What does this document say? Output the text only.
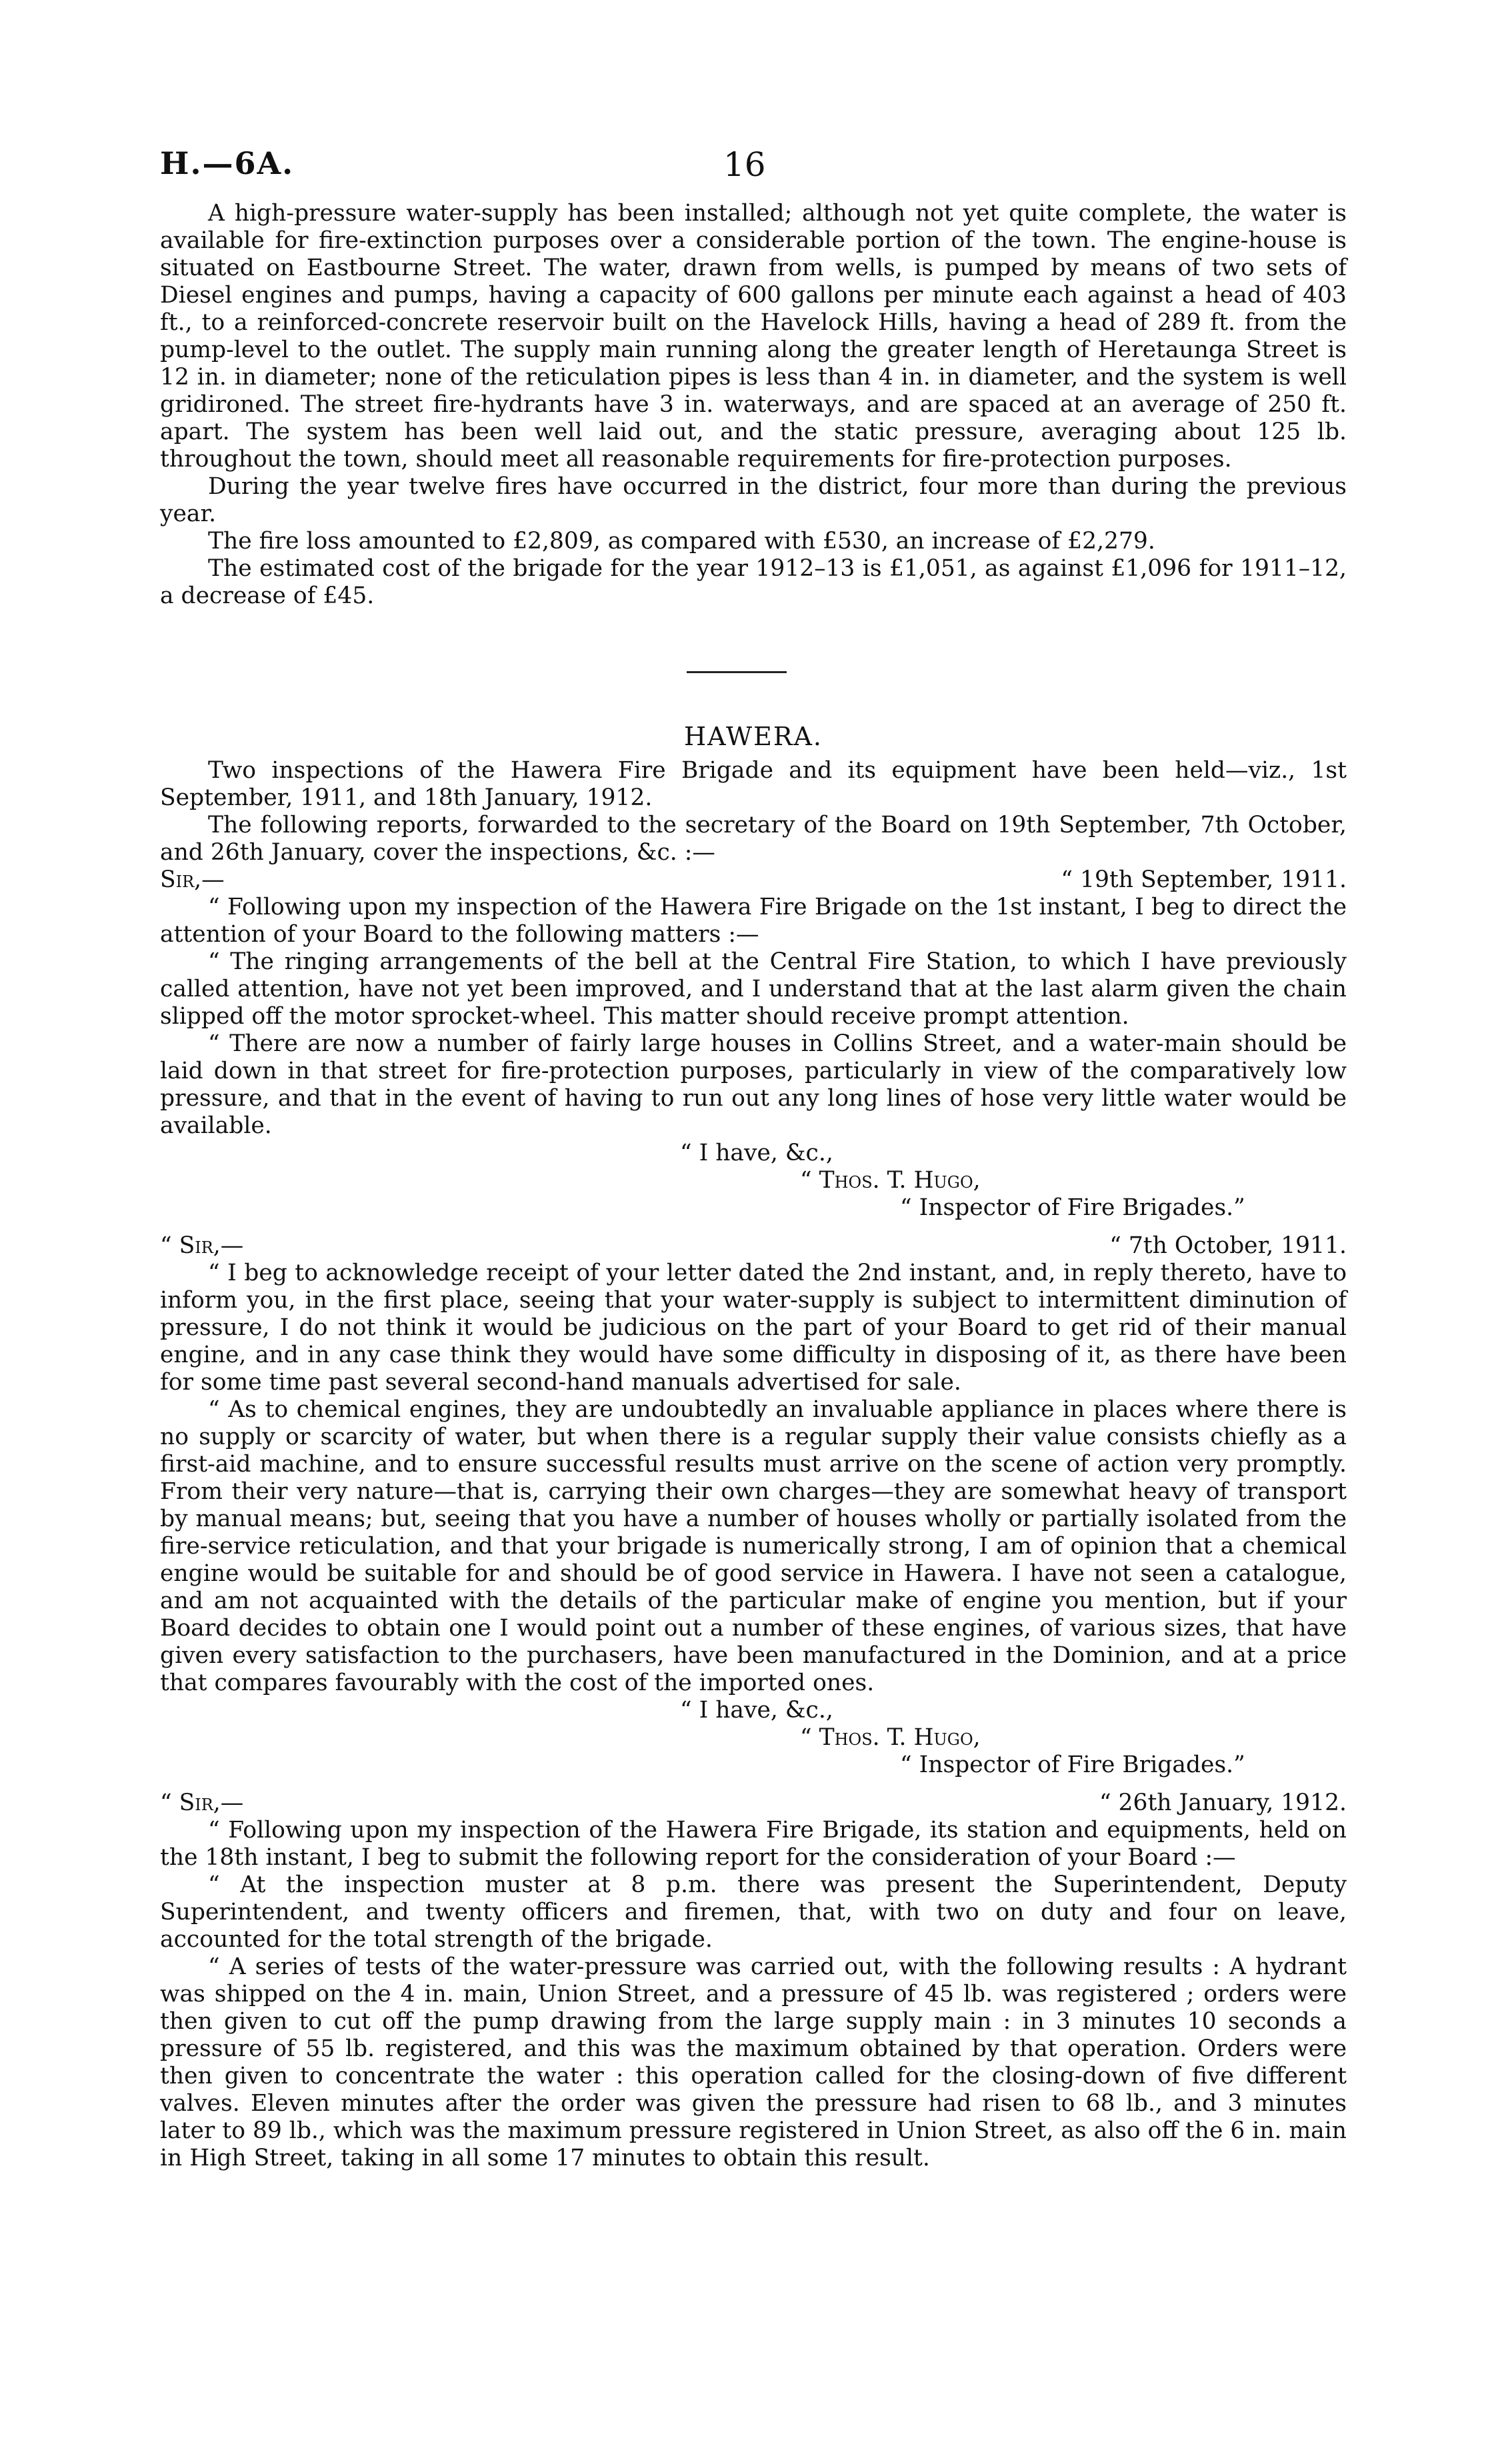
H.—6A.	16

A high-pressure water-supply has been installed; although not yet quite complete, the water is available for fire-extinction purposes over a considerable portion of the town. The engine-house is situated on Eastbourne Street. The water, drawn from wells, is pumped by means of two sets of Diesel engines and pumps, having a capacity of 600 gallons per minute each against a head of 403 ft., to a reinforced-concrete reservoir built on the Havelock Hills, having a head of 289 ft. from the pump-level to the outlet. The supply main running along the greater length of Heretaunga Street is 12 in. in diameter; none of the reticulation pipes is less than 4 in. in diameter, and the system is well gridironed. The street fire-hydrants have 3 in. waterways, and are spaced at an average of 250 ft. apart. The system has been well laid out, and the static pressure, averaging about 125 lb. throughout the town, should meet all reasonable requirements for fire-protection purposes.

During the year twelve fires have occurred in the district, four more than during the previous year.

The fire loss amounted to £2,809, as compared with £530, an increase of £2,279.

The estimated cost of the brigade for the year 1912–13 is £1,051, as against £1,096 for 1911–12, a decrease of £45.

HAWERA.

Two inspections of the Hawera Fire Brigade and its equipment have been held—viz., 1st September, 1911, and 18th January, 1912.

The following reports, forwarded to the secretary of the Board on 19th September, 7th October, and 26th January, cover the inspections, &c. :—

Sir,—	“ 19th September, 1911.

“ Following upon my inspection of the Hawera Fire Brigade on the 1st instant, I beg to direct the attention of your Board to the following matters :—

“ The ringing arrangements of the bell at the Central Fire Station, to which I have previously called attention, have not yet been improved, and I understand that at the last alarm given the chain slipped off the motor sprocket-wheel. This matter should receive prompt attention.

“ There are now a number of fairly large houses in Collins Street, and a water-main should be laid down in that street for fire-protection purposes, particularly in view of the comparatively low pressure, and that in the event of having to run out any long lines of hose very little water would be available.

“ I have, &c.,

“ Thos. T. Hugo,

“ Inspector of Fire Brigades.”

“ Sir,—	“ 7th October, 1911.

“ I beg to acknowledge receipt of your letter dated the 2nd instant, and, in reply thereto, have to inform you, in the first place, seeing that your water-supply is subject to intermittent diminution of pressure, I do not think it would be judicious on the part of your Board to get rid of their manual engine, and in any case think they would have some difficulty in disposing of it, as there have been for some time past several second-hand manuals advertised for sale.

“ As to chemical engines, they are undoubtedly an invaluable appliance in places where there is no supply or scarcity of water, but when there is a regular supply their value consists chiefly as a first-aid machine, and to ensure successful results must arrive on the scene of action very promptly. From their very nature—that is, carrying their own charges—they are somewhat heavy of transport by manual means; but, seeing that you have a number of houses wholly or partially isolated from the fire-service reticulation, and that your brigade is numerically strong, I am of opinion that a chemical engine would be suitable for and should be of good service in Hawera. I have not seen a catalogue, and am not acquainted with the details of the particular make of engine you mention, but if your Board decides to obtain one I would point out a number of these engines, of various sizes, that have given every satisfaction to the purchasers, have been manufactured in the Dominion, and at a price that compares favourably with the cost of the imported ones.

“ I have, &c.,

“ Thos. T. Hugo,

“ Inspector of Fire Brigades.”

“ Sir,—	“ 26th January, 1912.

“ Following upon my inspection of the Hawera Fire Brigade, its station and equipments, held on the 18th instant, I beg to submit the following report for the consideration of your Board :—

“ At the inspection muster at 8 p.m. there was present the Superintendent, Deputy Superintendent, and twenty officers and firemen, that, with two on duty and four on leave, accounted for the total strength of the brigade.

“ A series of tests of the water-pressure was carried out, with the following results : A hydrant was shipped on the 4 in. main, Union Street, and a pressure of 45 lb. was registered ; orders were then given to cut off the pump drawing from the large supply main : in 3 minutes 10 seconds a pressure of 55 lb. registered, and this was the maximum obtained by that operation. Orders were then given to concentrate the water : this operation called for the closing-down of five different valves. Eleven minutes after the order was given the pressure had risen to 68 lb., and 3 minutes later to 89 lb., which was the maximum pressure registered in Union Street, as also off the 6 in. main in High Street, taking in all some 17 minutes to obtain this result.
